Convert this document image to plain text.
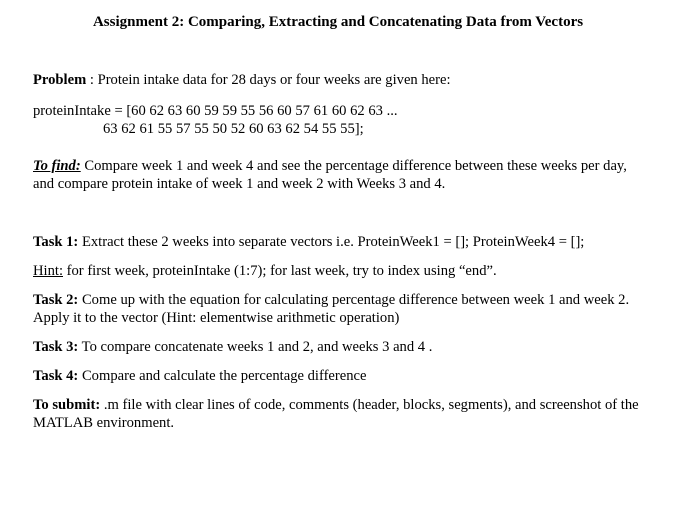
Assignment 2: Comparing, Extracting and Concatenating Data from Vectors
Problem : Protein intake data for 28 days or four weeks are given here:
proteinIntake = [60 62 63 60 59 59 55 56 60 57 61 60 62 63 ...
63 62 61 55 57 55 50 52 60 63 62 54 55 55];
To find: Compare week 1 and week 4 and see the percentage difference between these weeks per day,
and compare protein intake of week 1 and week 2 with Weeks 3 and 4.
Task 1: Extract these 2 weeks into separate vectors i.e. ProteinWeek1 = []; ProteinWeek4 = [];
Hint: for first week, proteinIntake (1:7); for last week, try to index using “end”.
Task 2: Come up with the equation for calculating percentage difference between week 1 and week 2.
Apply it to the vector (Hint: elementwise arithmetic operation)
Task 3: To compare concatenate weeks 1 and 2, and weeks 3 and 4 .
Task 4: Compare and calculate the percentage difference
To submit: .m file with clear lines of code, comments (header, blocks, segments), and screenshot of the
MATLAB environment.
